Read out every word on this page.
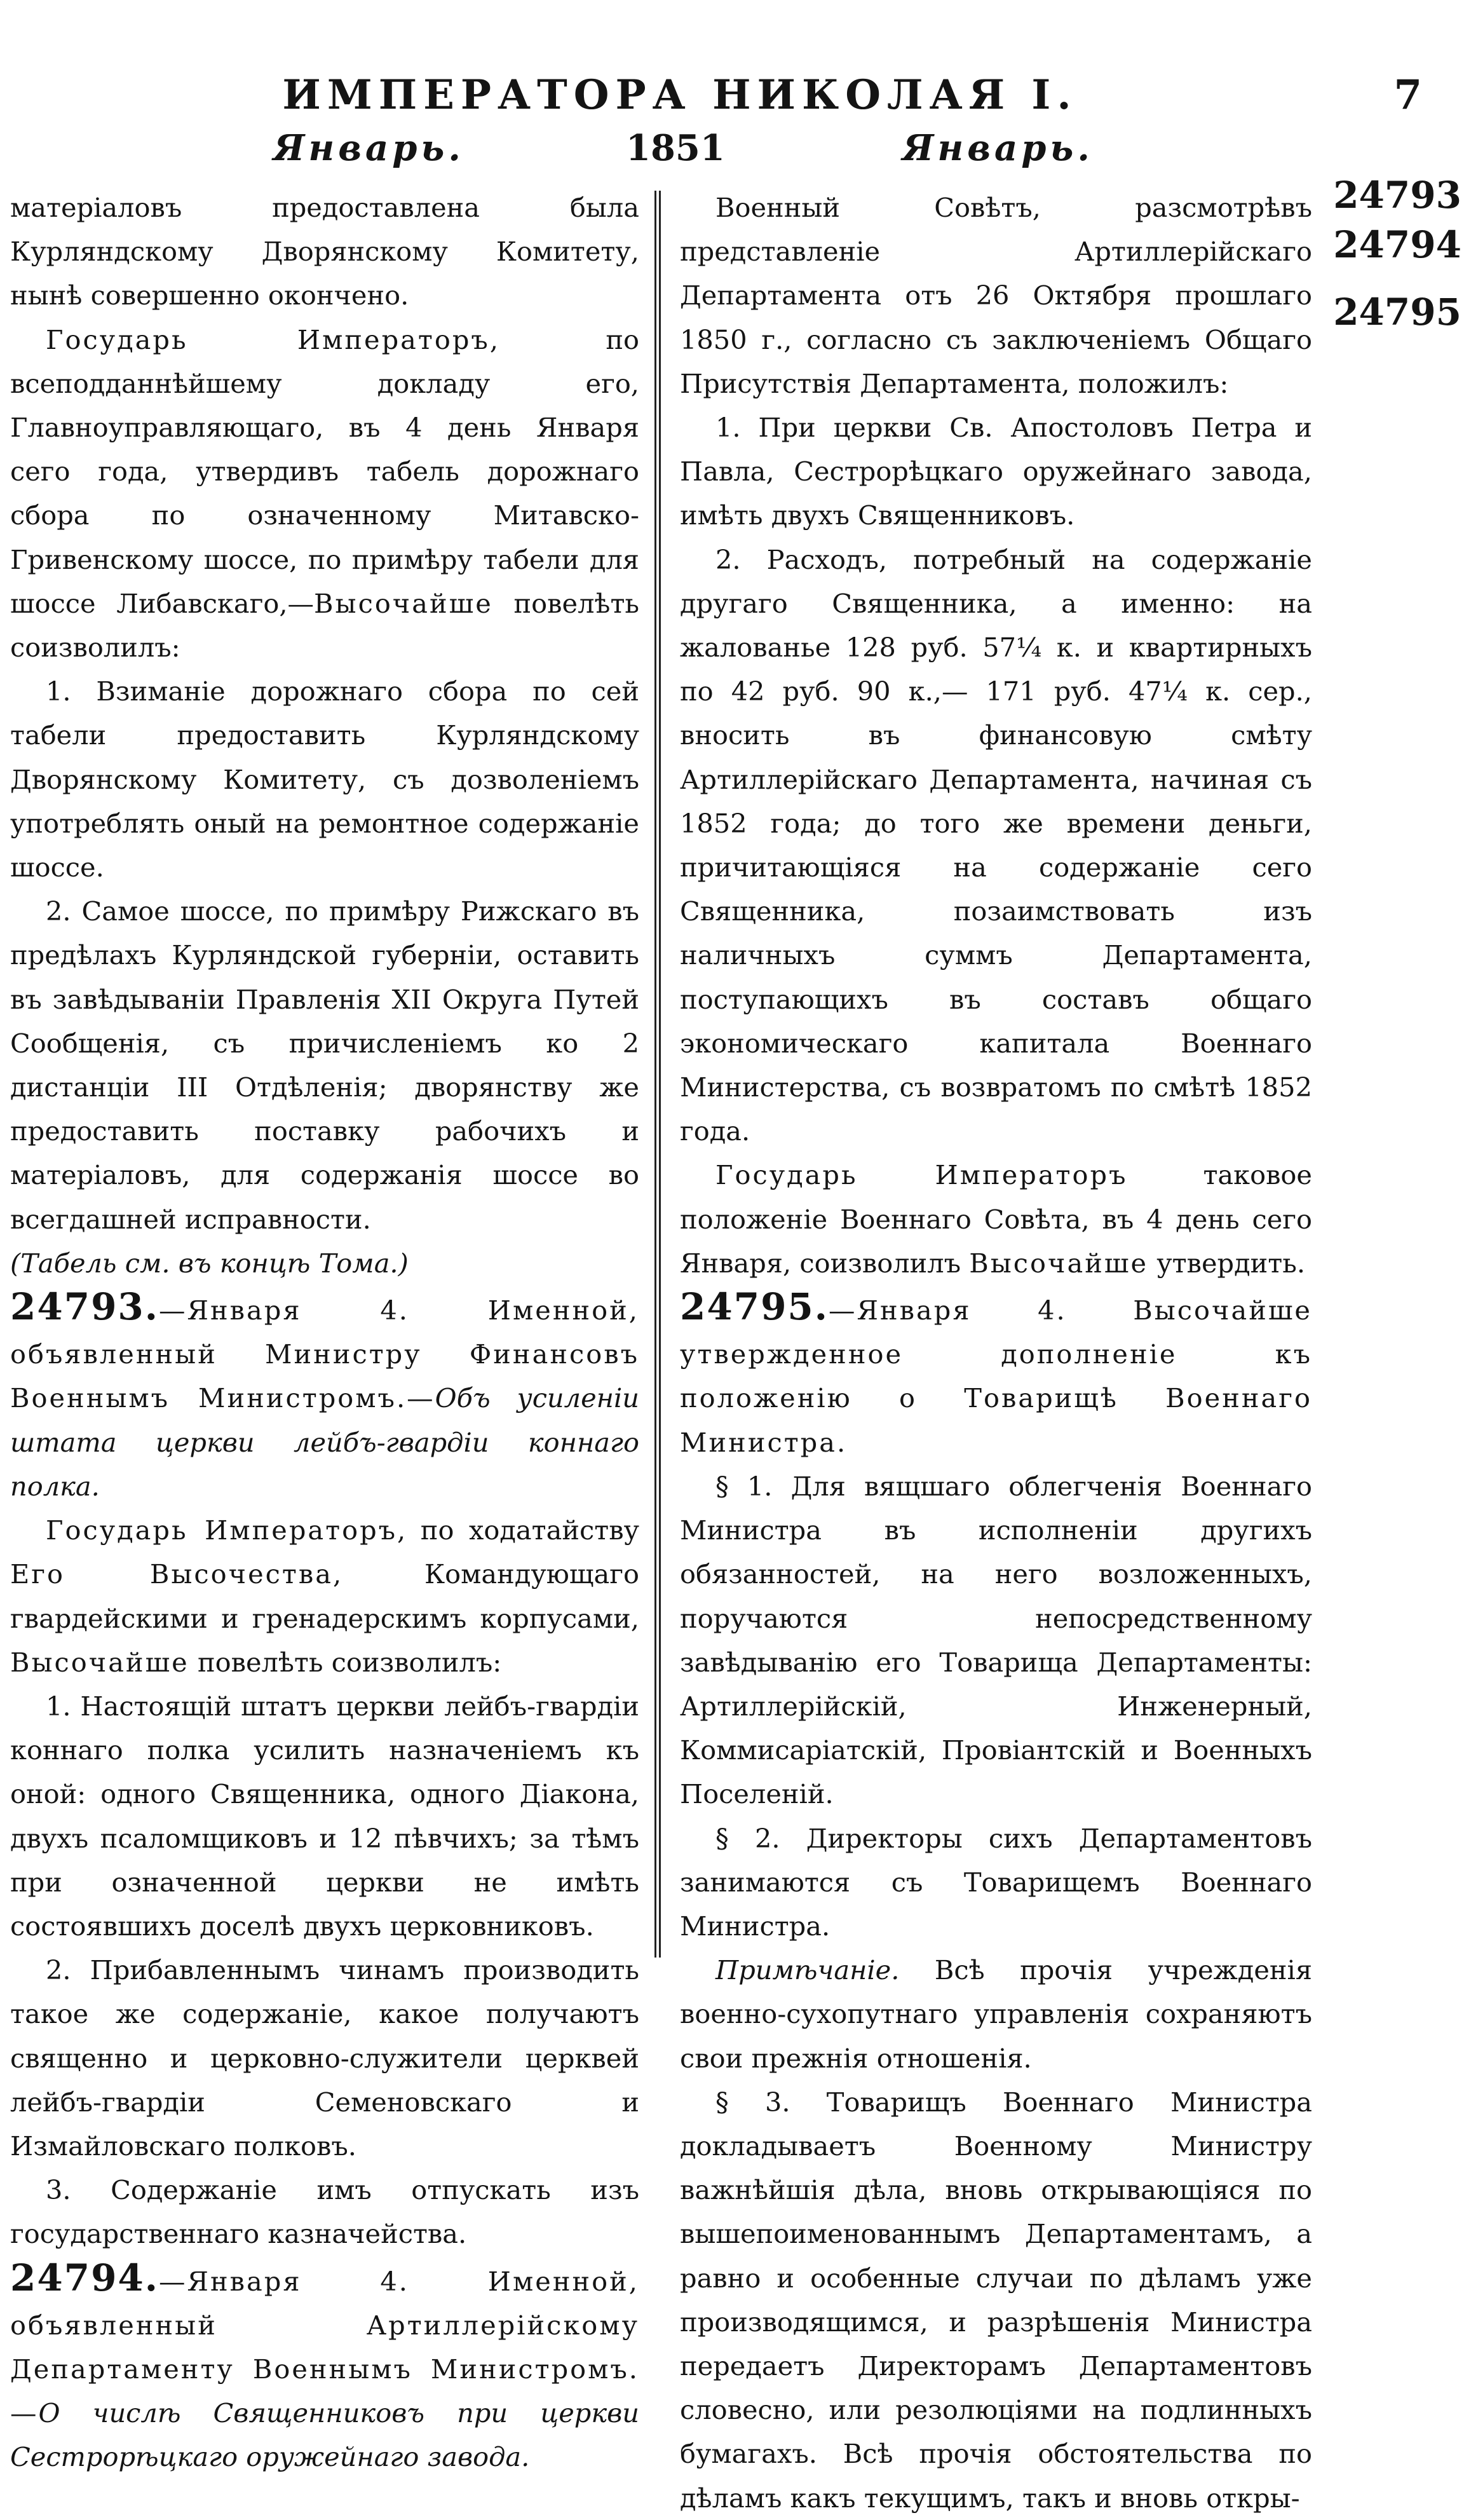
ИМПЕРАТОРА НИКОЛАЯ I.	7
Январь.	1851	Январь.

матеріаловъ предоставлена была Курляндскому Дворянскому Комитету, нынѣ совершенно окончено.

Государь Императоръ, по всеподданнѣйшему докладу его, Главноуправляющаго, въ 4 день Января сего года, утвердивъ табель дорожнаго сбора по означенному Митавско-Гривенскому шоссе, по примѣру табели для шоссе Либавскаго,—Высочайше повелѣть соизволилъ:

1. Взиманіе дорожнаго сбора по сей табели предоставить Курляндскому Дворянскому Комитету, съ дозволеніемъ употреблять оный на ремонтное содержаніе шоссе.

2. Самое шоссе, по примѣру Рижскаго въ предѣлахъ Курляндской губерніи, оставить въ завѣдываніи Правленія XII Округа Путей Сообщенія, съ причисленіемъ ко 2 дистанціи III Отдѣленія; дворянству же предоставить поставку рабочихъ и матеріаловъ, для содержанія шоссе во всегдашней исправности.

(Табель см. въ концѣ Тома.)

24793.—Января 4. Именной, объявленный Министру Финансовъ Военнымъ Министромъ.—Объ усиленіи штата церкви лейбъ-гвардіи коннаго полка.

Государь Императоръ, по ходатайству Его Высочества, Командующаго гвардейскими и гренадерскимъ корпусами, Высочайше повелѣть соизволилъ:

1. Настоящій штатъ церкви лейбъ-гвардіи коннаго полка усилить назначеніемъ къ оной: одного Священника, одного Діакона, двухъ псаломщиковъ и 12 пѣвчихъ; за тѣмъ при означенной церкви не имѣть состоявшихъ доселѣ двухъ церковниковъ.

2. Прибавленнымъ чинамъ производить такое же содержаніе, какое получаютъ священно и церковно-служители церквей лейбъ-гвардіи Семеновскаго и Измайловскаго полковъ.

3. Содержаніе имъ отпускать изъ государственнаго казначейства.

24794.—Января 4. Именной, объявленный Артиллерійскому Департаменту Военнымъ Министромъ. —О числѣ Священниковъ при церкви Сестрорѣцкаго оружейнаго завода.

Военный Совѣтъ, разсмотрѣвъ представленіе Артиллерійскаго Департамента отъ 26 Октября прошлаго 1850 г., согласно съ заключеніемъ Общаго Присутствія Департамента, положилъ:

1. При церкви Св. Апостоловъ Петра и Павла, Сестрорѣцкаго оружейнаго завода, имѣть двухъ Священниковъ.

2. Расходъ, потребный на содержаніе другаго Священника, а именно: на жалованье 128 руб. 57¼ к. и квартирныхъ по 42 руб. 90 к.,— 171 руб. 47¼ к. сер., вносить въ финансовую смѣту Артиллерійскаго Департамента, начиная съ 1852 года; до того же времени деньги, причитающіяся на содержаніе сего Священника, позаимствовать изъ наличныхъ суммъ Департамента, поступающихъ въ составъ общаго экономическаго капитала Военнаго Министерства, съ возвратомъ по смѣтѣ 1852 года.

Государь Императоръ таковое положеніе Военнаго Совѣта, въ 4 день сего Января, соизволилъ Высочайше утвердить.

24795.—Января 4. Высочайше утвержденное дополненіе къ положенію о Товарищѣ Военнаго Министра.

§ 1. Для вящшаго облегченія Военнаго Министра въ исполненіи другихъ обязанностей, на него возложенныхъ, поручаются непосредственному завѣдыванію его Товарища Департаменты: Артиллерійскій, Инженерный, Коммисаріатскій, Провіантскій и Военныхъ Поселеній.

§ 2. Директоры сихъ Департаментовъ занимаются съ Товарищемъ Военнаго Министра.

Примѣчаніе. Всѣ прочія учрежденія военно-сухопутнаго управленія сохраняютъ свои прежнія отношенія.

§ 3. Товарищъ Военнаго Министра докладываетъ Военному Министру важнѣйшія дѣла, вновь открывающіяся по вышепоименованнымъ Департаментамъ, а равно и особенные случаи по дѣламъ уже производящимся, и разрѣшенія Министра передаетъ Директорамъ Департаментовъ словесно, или резолюціями на подлинныхъ бумагахъ. Всѣ прочія обстоятельства по дѣламъ какъ текущимъ, такъ и вновь откры-

24793
24794
24795
